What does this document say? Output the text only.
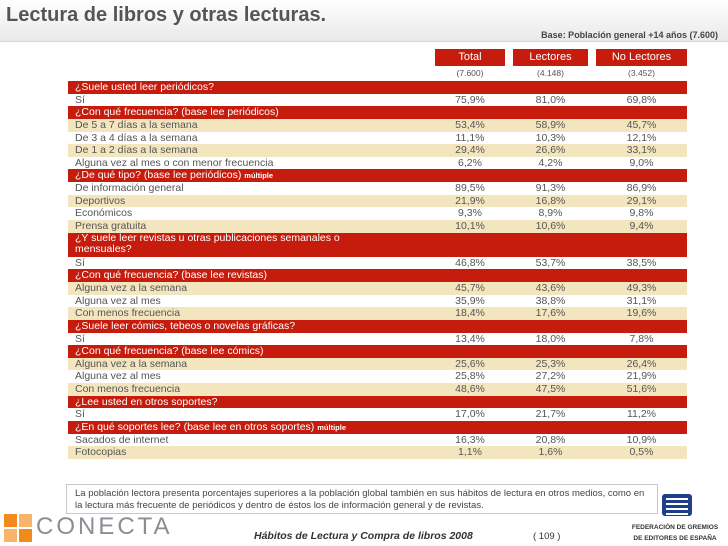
Lectura de libros y otras lecturas.
Base: Población general +14 años (7.600)
Total	Lectores	No Lectores
(7.600)	(4.148)	(3.452)
¿Suele usted leer periódicos?
Sí	75,9%	81,0%	69,8%
¿Con qué frecuencia? (base lee periódicos)
De 5 a 7 días a la semana	53,4%	58,9%	45,7%
De 3 a 4 días a la semana	11,1%	10,3%	12,1%
De 1 a 2 días a la semana	29,4%	26,6%	33,1%
Alguna vez al mes o con menor frecuencia	6,2%	4,2%	9,0%
¿De qué tipo? (base lee periódicos) múltiple
De información general	89,5%	91,3%	86,9%
Deportivos	21,9%	16,8%	29,1%
Económicos	9,3%	8,9%	9,8%
Prensa gratuita	10,1%	10,6%	9,4%
¿Y suele leer revistas u otras publicaciones semanales o mensuales?
Sí	46,8%	53,7%	38,5%
¿Con qué frecuencia? (base lee revistas)
Alguna vez a la semana	45,7%	43,6%	49,3%
Alguna vez al mes	35,9%	38,8%	31,1%
Con menos frecuencia	18,4%	17,6%	19,6%
¿Suele leer cómics, tebeos o novelas gráficas?
Sí	13,4%	18,0%	7,8%
¿Con qué frecuencia? (base lee cómics)
Alguna vez a la semana	25,6%	25,3%	26,4%
Alguna vez al mes	25,8%	27,2%	21,9%
Con menos frecuencia	48,6%	47,5%	51,6%
¿Lee usted en otros soportes?
Sí	17,0%	21,7%	11,2%
¿En qué soportes lee? (base lee en otros soportes) múltiple
Sacados de internet	16,3%	20,8%	10,9%
Fotocopias	1,1%	1,6%	0,5%
La población lectora presenta porcentajes superiores a la población global también en sus hábitos de lectura en otros medios, como en la lectura más frecuente de periódicos y dentro de éstos los de información general y de revistas.
CONECTA	Hábitos de Lectura y Compra de libros 2008	( 109 )
FEDERACIÓN DE GREMIOS
DE EDITORES DE ESPAÑA
